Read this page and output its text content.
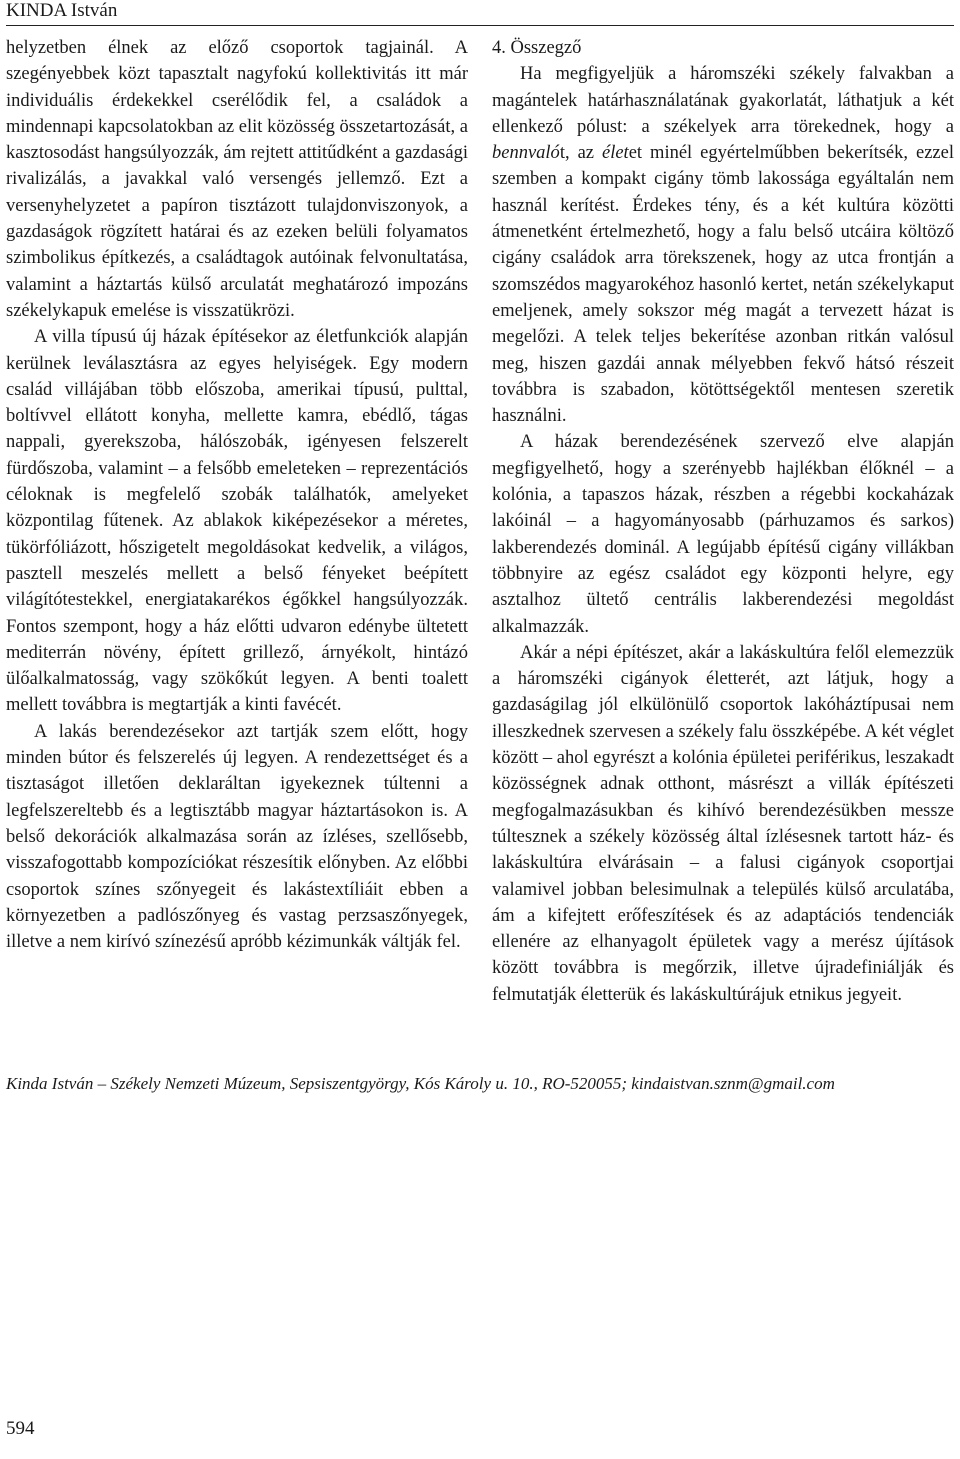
KINDA István

helyzetben élnek az előző csoportok tagjainál. A szegényebbek közt tapasztalt nagyfokú kollektivitás itt már individuális érdekekkel cserélődik fel, a családok a mindennapi kapcsolatokban az elit közösség összetartozását, a kasztosodást hangsúlyozzák, ám rejtett attitűdként a gazdasági rivalizálás, a javakkal való versengés jellemző. Ezt a versenyhelyzetet a papíron tisztázott tulajdonviszonyok, a gazdaságok rögzített határai és az ezeken belüli folyamatos szimbolikus építkezés, a családtagok autóinak felvonultatása, valamint a háztartás külső arculatát meghatározó impozáns székelykapuk emelése is visszatükrözi.

A villa típusú új házak építésekor az életfunkciók alapján kerülnek leválasztásra az egyes helyiségek. Egy modern család villájában több előszoba, amerikai típusú, pulttal, boltívvel ellátott konyha, mellette kamra, ebédlő, tágas nappali, gyerekszoba, hálószobák, igényesen felszerelt fürdőszoba, valamint – a felsőbb emeleteken – reprezentációs céloknak is megfelelő szobák találhatók, amelyeket központilag fűtenek. Az ablakok kiképezésekor a méretes, tükörfóliázott, hőszigetelt megoldásokat kedvelik, a világos, pasztell meszelés mellett a belső fényeket beépített világítótestekkel, energiatakarékos égőkkel hangsúlyozzák. Fontos szempont, hogy a ház előtti udvaron edénybe ültetett mediterrán növény, épített grillező, árnyékolt, hintázó ülőalkalmatosság, vagy szökőkút legyen. A benti toalett mellett továbbra is megtartják a kinti favécét.

A lakás berendezésekor azt tartják szem előtt, hogy minden bútor és felszerelés új legyen. A rendezettséget és a tisztaságot illetően deklaráltan igyekeznek túltenni a legfelszereltebb és a legtisztább magyar háztartásokon is. A belső dekorációk alkalmazása során az ízléses, szellősebb, visszafogottabb kompozíciókat részesítik előnyben. Az előbbi csoportok színes szőnyegeit és lakástextíliáit ebben a környezetben a padlószőnyeg és vastag perzsaszőnyegek, illetve a nem kirívó színezésű apróbb kézimunkák váltják fel.

4. Összegző

Ha megfigyeljük a háromszéki székely falvakban a magántelek határhasználatának gyakorlatát, láthatjuk a két ellenkező pólust: a székelyek arra törekednek, hogy a bennvalót, az életet minél egyértelműbben bekerítsék, ezzel szemben a kompakt cigány tömb lakossága egyáltalán nem használ kerítést. Érdekes tény, és a két kultúra közötti átmenetként értelmezhető, hogy a falu belső utcáira költöző cigány családok arra törekszenek, hogy az utca frontján a szomszédos magyarokéhoz hasonló kertet, netán székelykaput emeljenek, amely sokszor még magát a tervezett házat is megelőzi. A telek teljes bekerítése azonban ritkán valósul meg, hiszen gazdái annak mélyebben fekvő hátsó részeit továbbra is szabadon, kötöttségektől mentesen szeretik használni.

A házak berendezésének szervező elve alapján megfigyelhető, hogy a szerényebb hajlékban élőknél – a kolónia, a tapaszos házak, részben a régebbi kockaházak lakóinál – a hagyományosabb (párhuzamos és sarkos) lakberendezés dominál. A legújabb építésű cigány villákban többnyire az egész családot egy központi helyre, egy asztalhoz ültető centrális lakberendezési megoldást alkalmazzák.

Akár a népi építészet, akár a lakáskultúra felől elemezzük a háromszéki cigányok életterét, azt látjuk, hogy a gazdaságilag jól elkülönülő csoportok lakóháztípusai nem illeszkednek szervesen a székely falu összképébe. A két véglet között – ahol egyrészt a kolónia épületei periférikus, leszakadt közösségnek adnak otthont, másrészt a villák építészeti megfogalmazásukban és kihívó berendezésükben messze túltesznek a székely közösség által ízlésesnek tartott ház- és lakáskultúra elvárásain – a falusi cigányok csoportjai valamivel jobban belesimulnak a település külső arculatába, ám a kifejtett erőfeszítések és az adaptációs tendenciák ellenére az elhanyagolt épületek vagy a merész újítások között továbbra is megőrzik, illetve újradefiniálják és felmutatják életterük és lakáskultúrájuk etnikus jegyeit.

Kinda István – Székely Nemzeti Múzeum, Sepsiszentgyörgy, Kós Károly u. 10., RO-520055; kindaistvan.sznm@gmail.com
594
